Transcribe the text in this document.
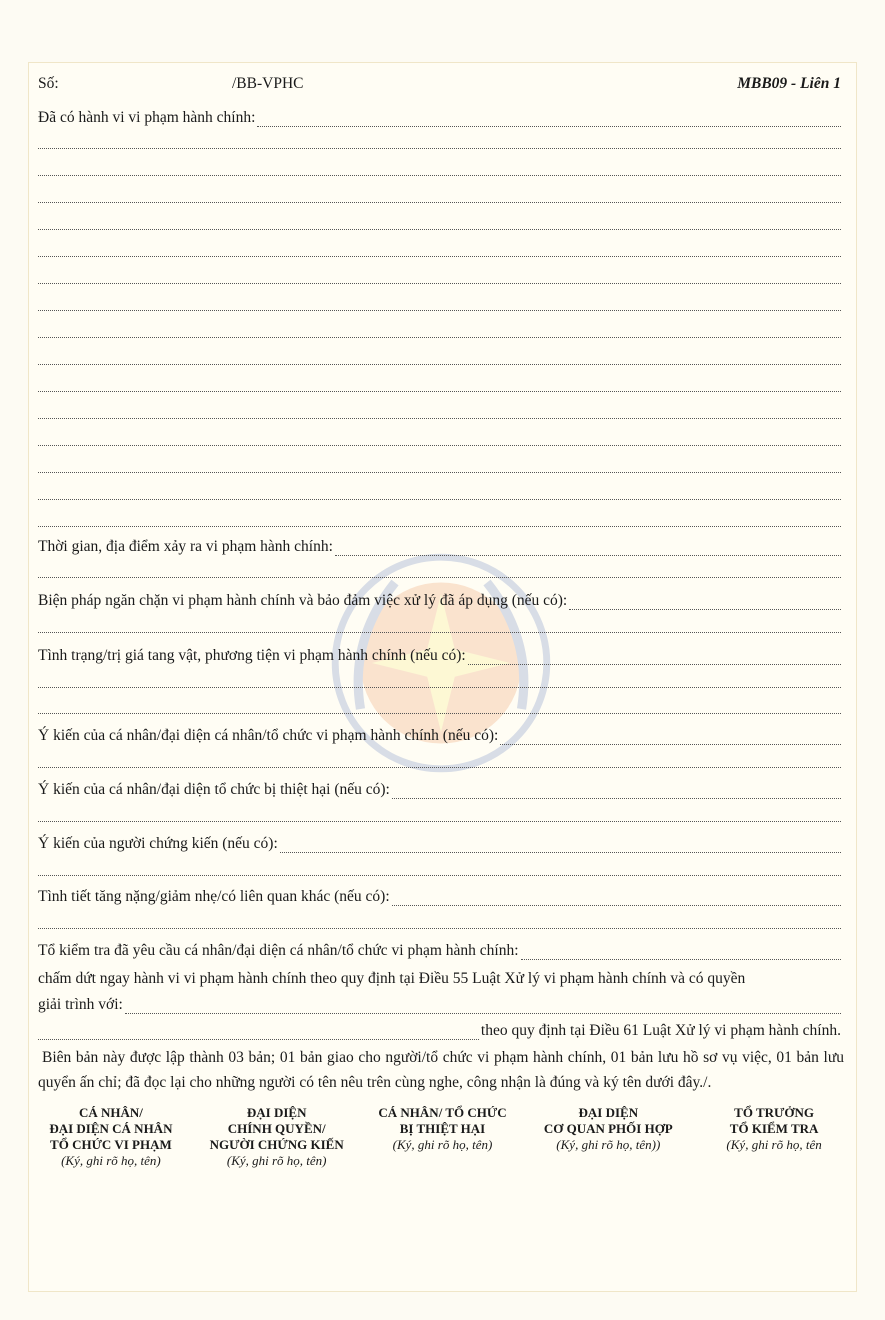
Số:	/BB-VPHC	MBB09 - Liên 1
Đã có hành vi vi phạm hành chính:
Thời gian, địa điểm xảy ra vi phạm hành chính:
Biện pháp ngăn chặn vi phạm hành chính và bảo đảm việc xử lý đã áp dụng (nếu có):
Tình trạng/trị giá tang vật, phương tiện vi phạm hành chính (nếu có):
Ý kiến của cá nhân/đại diện cá nhân/tổ chức vi phạm hành chính (nếu có):
Ý kiến của cá nhân/đại diện tổ chức bị thiệt hại (nếu có):
Ý kiến của người chứng kiến (nếu có):
Tình tiết tăng nặng/giảm nhẹ/có liên quan khác (nếu có):
Tổ kiểm tra đã yêu cầu cá nhân/đại diện cá nhân/tổ chức vi phạm hành chính:
chấm dứt ngay hành vi vi phạm hành chính theo quy định tại Điều 55 Luật Xử lý vi phạm hành chính và có quyền
giải trình với:
theo quy định tại Điều 61 Luật Xử lý vi phạm hành chính.
Biên bản này được lập thành 03 bản; 01 bản giao cho người/tổ chức vi phạm hành chính, 01 bản lưu hồ sơ vụ việc, 01 bản lưu quyển ấn chỉ; đã đọc lại cho những người có tên nêu trên cùng nghe, công nhận là đúng và ký tên dưới đây./.
CÁ NHÂN/
ĐẠI DIỆN CÁ NHÂN
TỔ CHỨC VI PHẠM
(Ký, ghi rõ họ, tên)
ĐẠI DIỆN
CHÍNH QUYỀN/
NGƯỜI CHỨNG KIẾN
(Ký, ghi rõ họ, tên)
CÁ NHÂN/ TỔ CHỨC
BỊ THIỆT HẠI
(Ký, ghi rõ họ, tên)
ĐẠI DIỆN
CƠ QUAN PHỐI HỢP
(Ký, ghi rõ họ, tên))
TỔ TRƯỞNG
TỔ KIỂM TRA
(Ký, ghi rõ họ, tên
